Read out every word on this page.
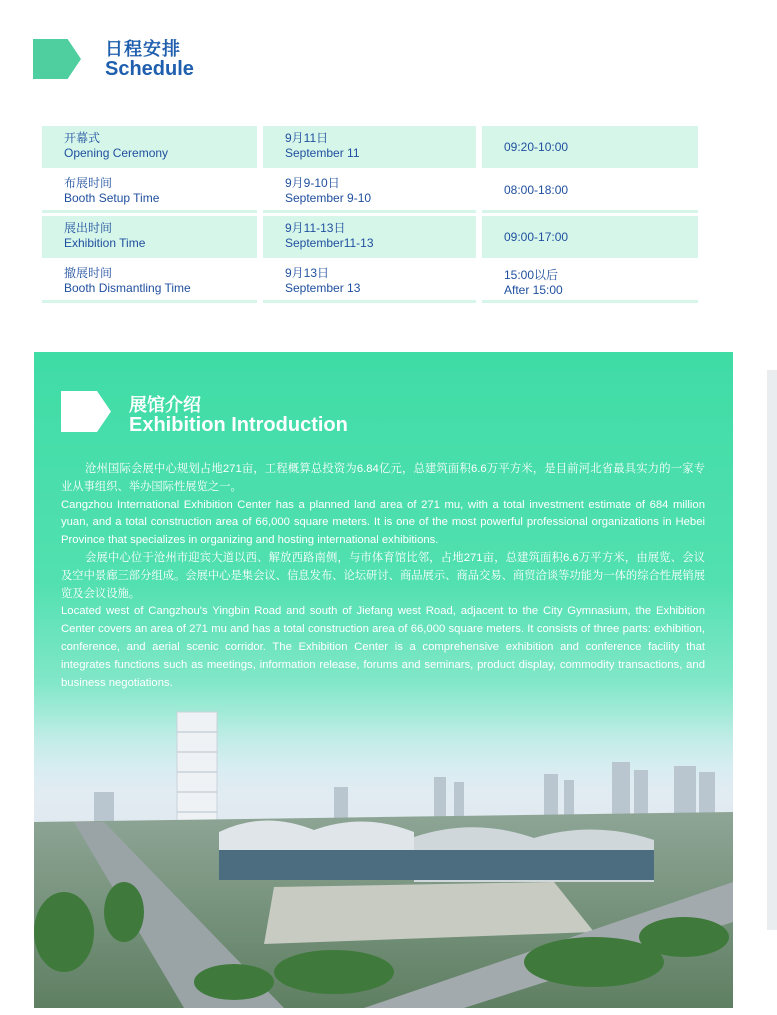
日程安排
Schedule
开幕式
Opening Ceremony
9月11日
September 11	09:20-10:00
布展时间
Booth Setup Time
9月9-10日
September 9-10
08:00-18:00
展出时间
Exhibition Time
9月11-13日
September11-13	09:00-17:00
撤展时间
Booth Dismantling Time
9月13日
September 13
15:00以后
After 15:00
展馆介绍
Exhibition Introduction

沧州国际会展中心规划占地271亩，工程概算总投资为6.84亿元，总建筑面积6.6万平方米，是目前河北省最具实力的一家专业从事组织、举办国际性展览之一。

Cangzhou International Exhibition Center has a planned land area of 271 mu, with a total investment estimate of 684 million yuan, and a total construction area of 66,000 square meters. It is one of the most powerful professional organizations in Hebei Province that specializes in organizing and hosting international exhibitions.

会展中心位于沧州市迎宾大道以西、解放西路南侧，与市体育馆比邻，占地271亩，总建筑面积6.6万平方米，由展览、会议及空中景廊三部分组成。会展中心是集会议、信息发布、论坛研讨、商品展示、商品交易、商贸洽谈等功能为一体的综合性展销展览及会议设施。

Located west of Cangzhou's Yingbin Road and south of Jiefang west Road, adjacent to the City Gymnasium, the Exhibition Center covers an area of 271 mu and has a total construction area of 66,000 square meters. It consists of three parts: exhibition, conference, and aerial scenic corridor. The Exhibition Center is a comprehensive exhibition and conference facility that integrates functions such as meetings, information release, forums and seminars, product display, commodity transactions, and
